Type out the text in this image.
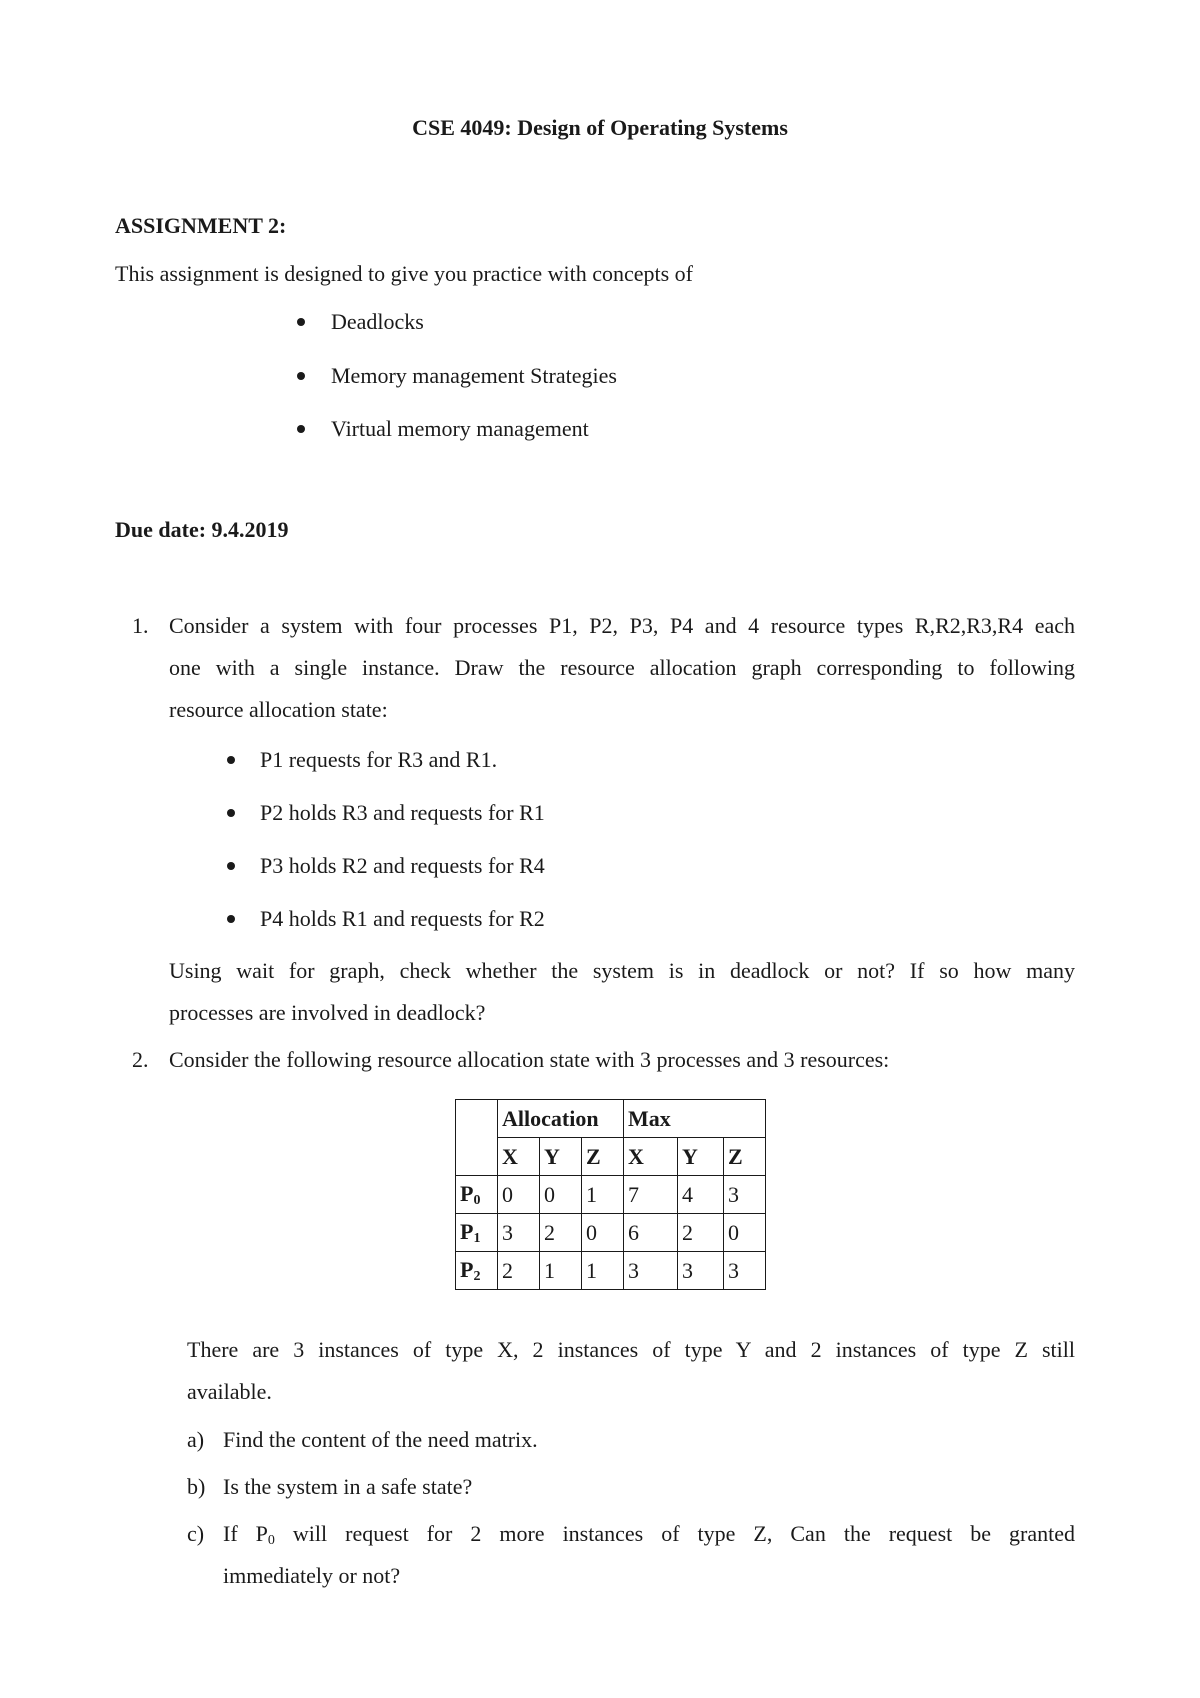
CSE 4049: Design of Operating Systems
ASSIGNMENT 2:
This assignment is designed to give you practice with concepts of
Deadlocks
Memory management Strategies
Virtual memory management
Due date: 9.4.2019
1. Consider a system with four processes P1, P2, P3, P4 and 4 resource types R,R2,R3,R4 each
one with a single instance. Draw the resource allocation graph corresponding to following
resource allocation state:
P1 requests for R3 and R1.
P2 holds R3 and requests for R1
P3 holds R2 and requests for R4
P4 holds R1 and requests for R2
Using wait for graph, check whether the system is in deadlock or not? If so how many
processes are involved in deadlock?
2. Consider the following resource allocation state with 3 processes and 3 resources:
	Allocation			Max		
	X	Y	Z	X	Y	Z
$P_0$	0	0	1	7	4	3
$P_1$	3	2	0	6	2	0
$P_2$	2	1	1	3	3	3
There are 3 instances of type X, 2 instances of type Y and 2 instances of type Z still
available.
a) Find the content of the need matrix.
b) Is the system in a safe state?
c) If $P_0$ will request for 2 more instances of type Z, Can the request be granted
immediately or not?
